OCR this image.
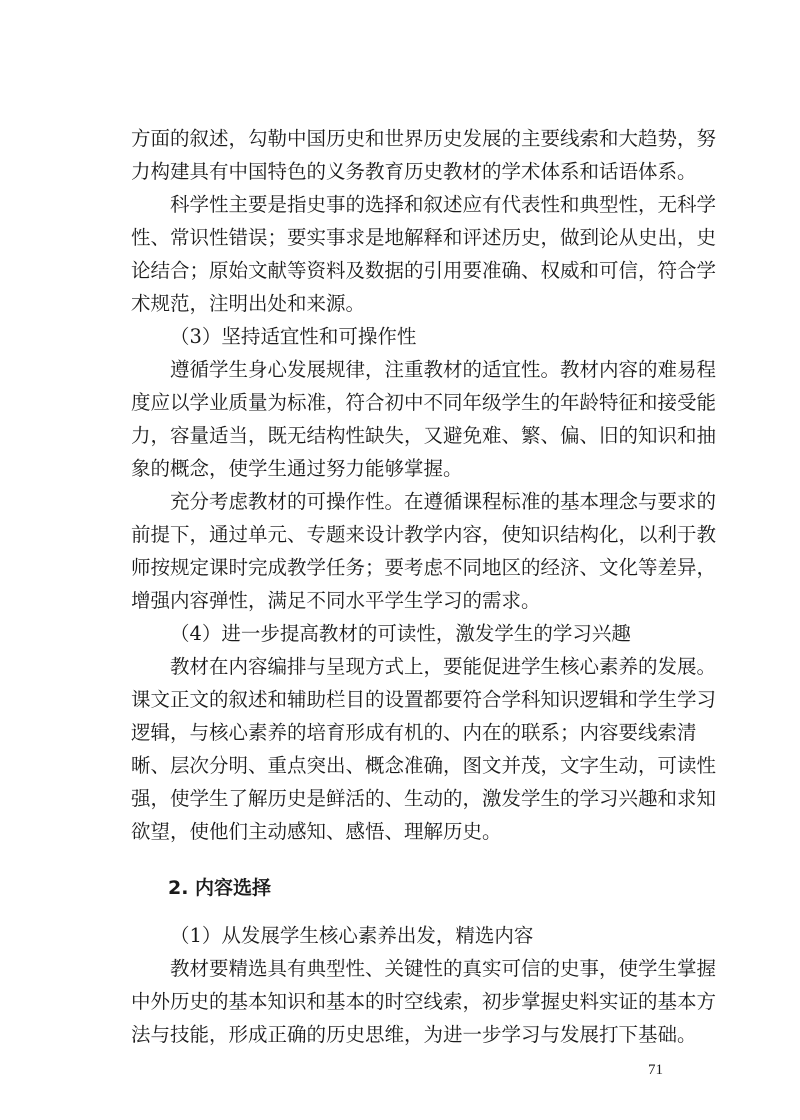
方面的叙述，勾勒中国历史和世界历史发展的主要线索和大趋势，努
力构建具有中国特色的义务教育历史教材的学术体系和话语体系。
科学性主要是指史事的选择和叙述应有代表性和典型性，无科学
性、常识性错误；要实事求是地解释和评述历史，做到论从史出，史
论结合；原始文献等资料及数据的引用要准确、权威和可信，符合学
术规范，注明出处和来源。
（3）坚持适宜性和可操作性
遵循学生身心发展规律，注重教材的适宜性。教材内容的难易程
度应以学业质量为标准，符合初中不同年级学生的年龄特征和接受能
力，容量适当，既无结构性缺失，又避免难、繁、偏、旧的知识和抽
象的概念，使学生通过努力能够掌握。
充分考虑教材的可操作性。在遵循课程标准的基本理念与要求的
前提下，通过单元、专题来设计教学内容，使知识结构化，以利于教
师按规定课时完成教学任务；要考虑不同地区的经济、文化等差异，
增强内容弹性，满足不同水平学生学习的需求。
（4）进一步提高教材的可读性，激发学生的学习兴趣
教材在内容编排与呈现方式上，要能促进学生核心素养的发展。
课文正文的叙述和辅助栏目的设置都要符合学科知识逻辑和学生学习
逻辑，与核心素养的培育形成有机的、内在的联系；内容要线索清
晰、层次分明、重点突出、概念准确，图文并茂，文字生动，可读性
强，使学生了解历史是鲜活的、生动的，激发学生的学习兴趣和求知
欲望，使他们主动感知、感悟、理解历史。
2. 内容选择
（1）从发展学生核心素养出发，精选内容
教材要精选具有典型性、关键性的真实可信的史事，使学生掌握
中外历史的基本知识和基本的时空线索，初步掌握史料实证的基本方
法与技能，形成正确的历史思维，为进一步学习与发展打下基础。
71
